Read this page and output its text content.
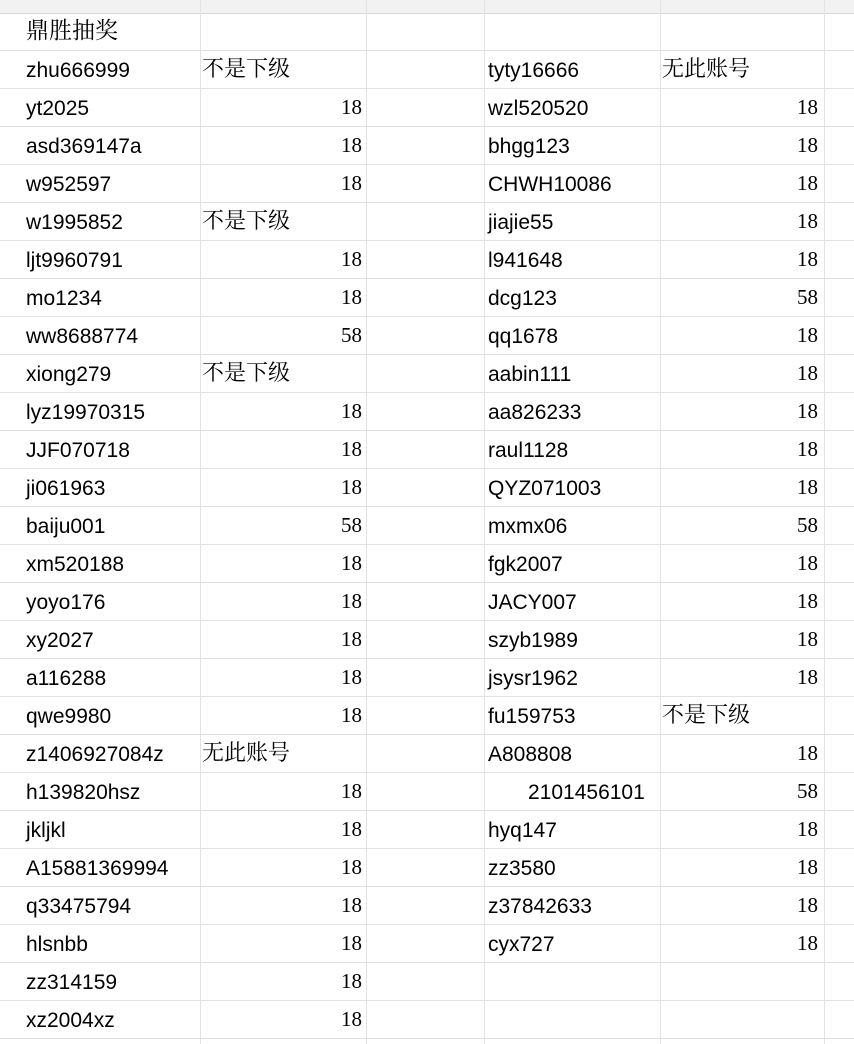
鼎胜抽奖
zhu666999	不是下级	tyty16666	无此账号
yt2025	18	wzl520520	18
asd369147a	18	bhgg123	18
w952597	18	CHWH10086	18
w1995852	不是下级	jiajie55	18
ljt9960791	18	l941648	18
mo1234	18	dcg123	58
ww8688774	58	qq1678	18
xiong279	不是下级	aabin111	18
lyz19970315	18	aa826233	18
JJF070718	18	raul1128	18
ji061963	18	QYZ071003	18
baiju001	58	mxmx06	58
xm520188	18	fgk2007	18
yoyo176	18	JACY007	18
xy2027	18	szyb1989	18
a116288	18	jsysr1962	18
qwe9980	18	fu159753	不是下级
z1406927084z	无此账号	A808808	18
h139820hsz	18	2101456101	58
jkljkl	18	hyq147	18
A15881369994	18	zz3580	18
q33475794	18	z37842633	18
hlsnbb	18	cyx727	18
zz314159	18
xz2004xz	18
